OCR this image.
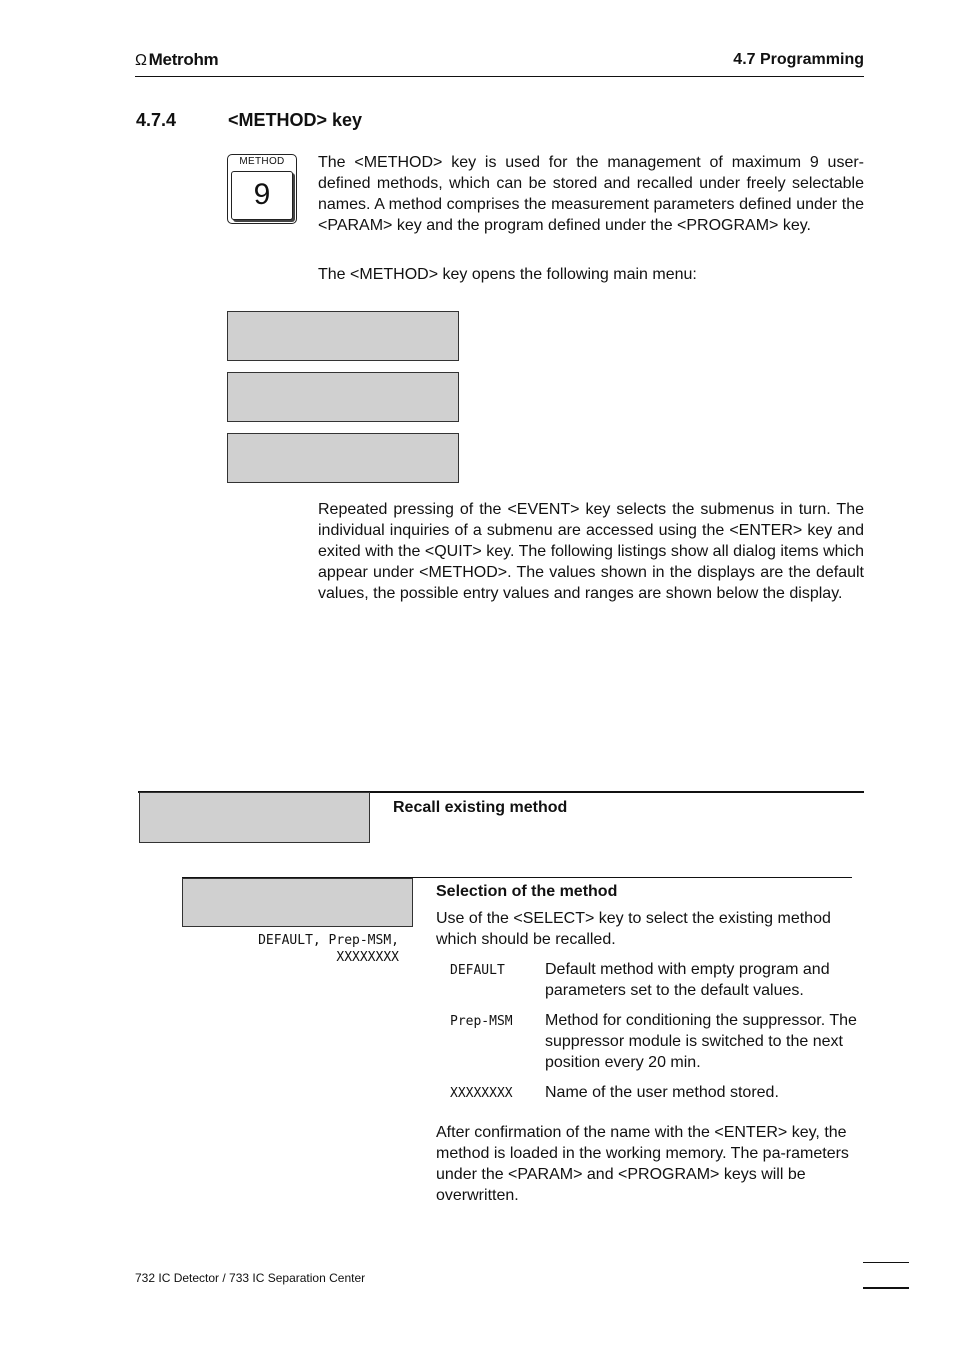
Ω Metrohm	4.7 Programming
4.7.4	<METHOD> key
METHOD
9

The <METHOD> key is used for the management of maximum 9 user-defined methods, which can be stored and recalled under freely selectable names. A method comprises the measurement parameters defined under the <PARAM> key and the program defined under the <PROGRAM> key.

The <METHOD> key opens the following main menu:

Repeated pressing of the <EVENT> key selects the submenus in turn. The individual inquiries of a submenu are accessed using the <ENTER> key and exited with the <QUIT> key. The following listings show all dialog items which appear under <METHOD>. The values shown in the displays are the default values, the possible entry values and ranges are shown below the display.

Recall existing method
Selection of the method

Use of the <SELECT> key to select the existing method which should be recalled.

DEFAULT, Prep-MSM,
XXXXXXXX
DEFAULT	Default method with empty program and parameters set to the default values.
Prep-MSM Method for conditioning the suppressor. The suppressor module is switched to the next position every 20 min.
XXXXXXXX Name of the user method stored.

After confirmation of the name with the <ENTER> key, the method is loaded in the working memory. The pa-rameters under the <PARAM> and <PROGRAM> keys will be overwritten.

732 IC Detector / 733 IC Separation Center
